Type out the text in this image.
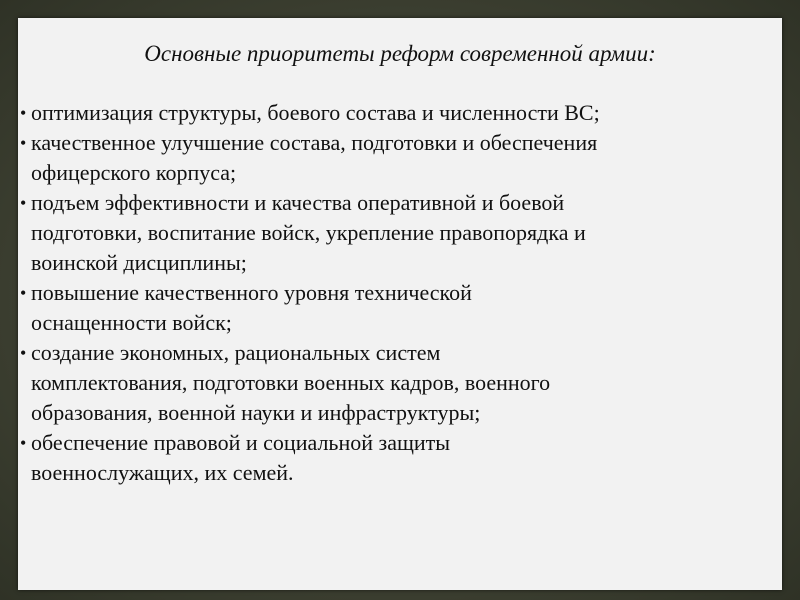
Основные приоритеты реформ современной армии:
• оптимизация структуры, боевого состава и численности ВС;
• качественное улучшение состава, подготовки и обеспечения
офицерского корпуса;
• подъем эффективности и качества оперативной и боевой
подготовки, воспитание войск, укрепление правопорядка и
воинской дисциплины;
• повышение качественного уровня технической
оснащенности войск;
• создание экономных, рациональных систем
комплектования, подготовки военных кадров, военного
образования, военной науки и инфраструктуры;
• обеспечение правовой и социальной защиты
военнослужащих, их семей.
